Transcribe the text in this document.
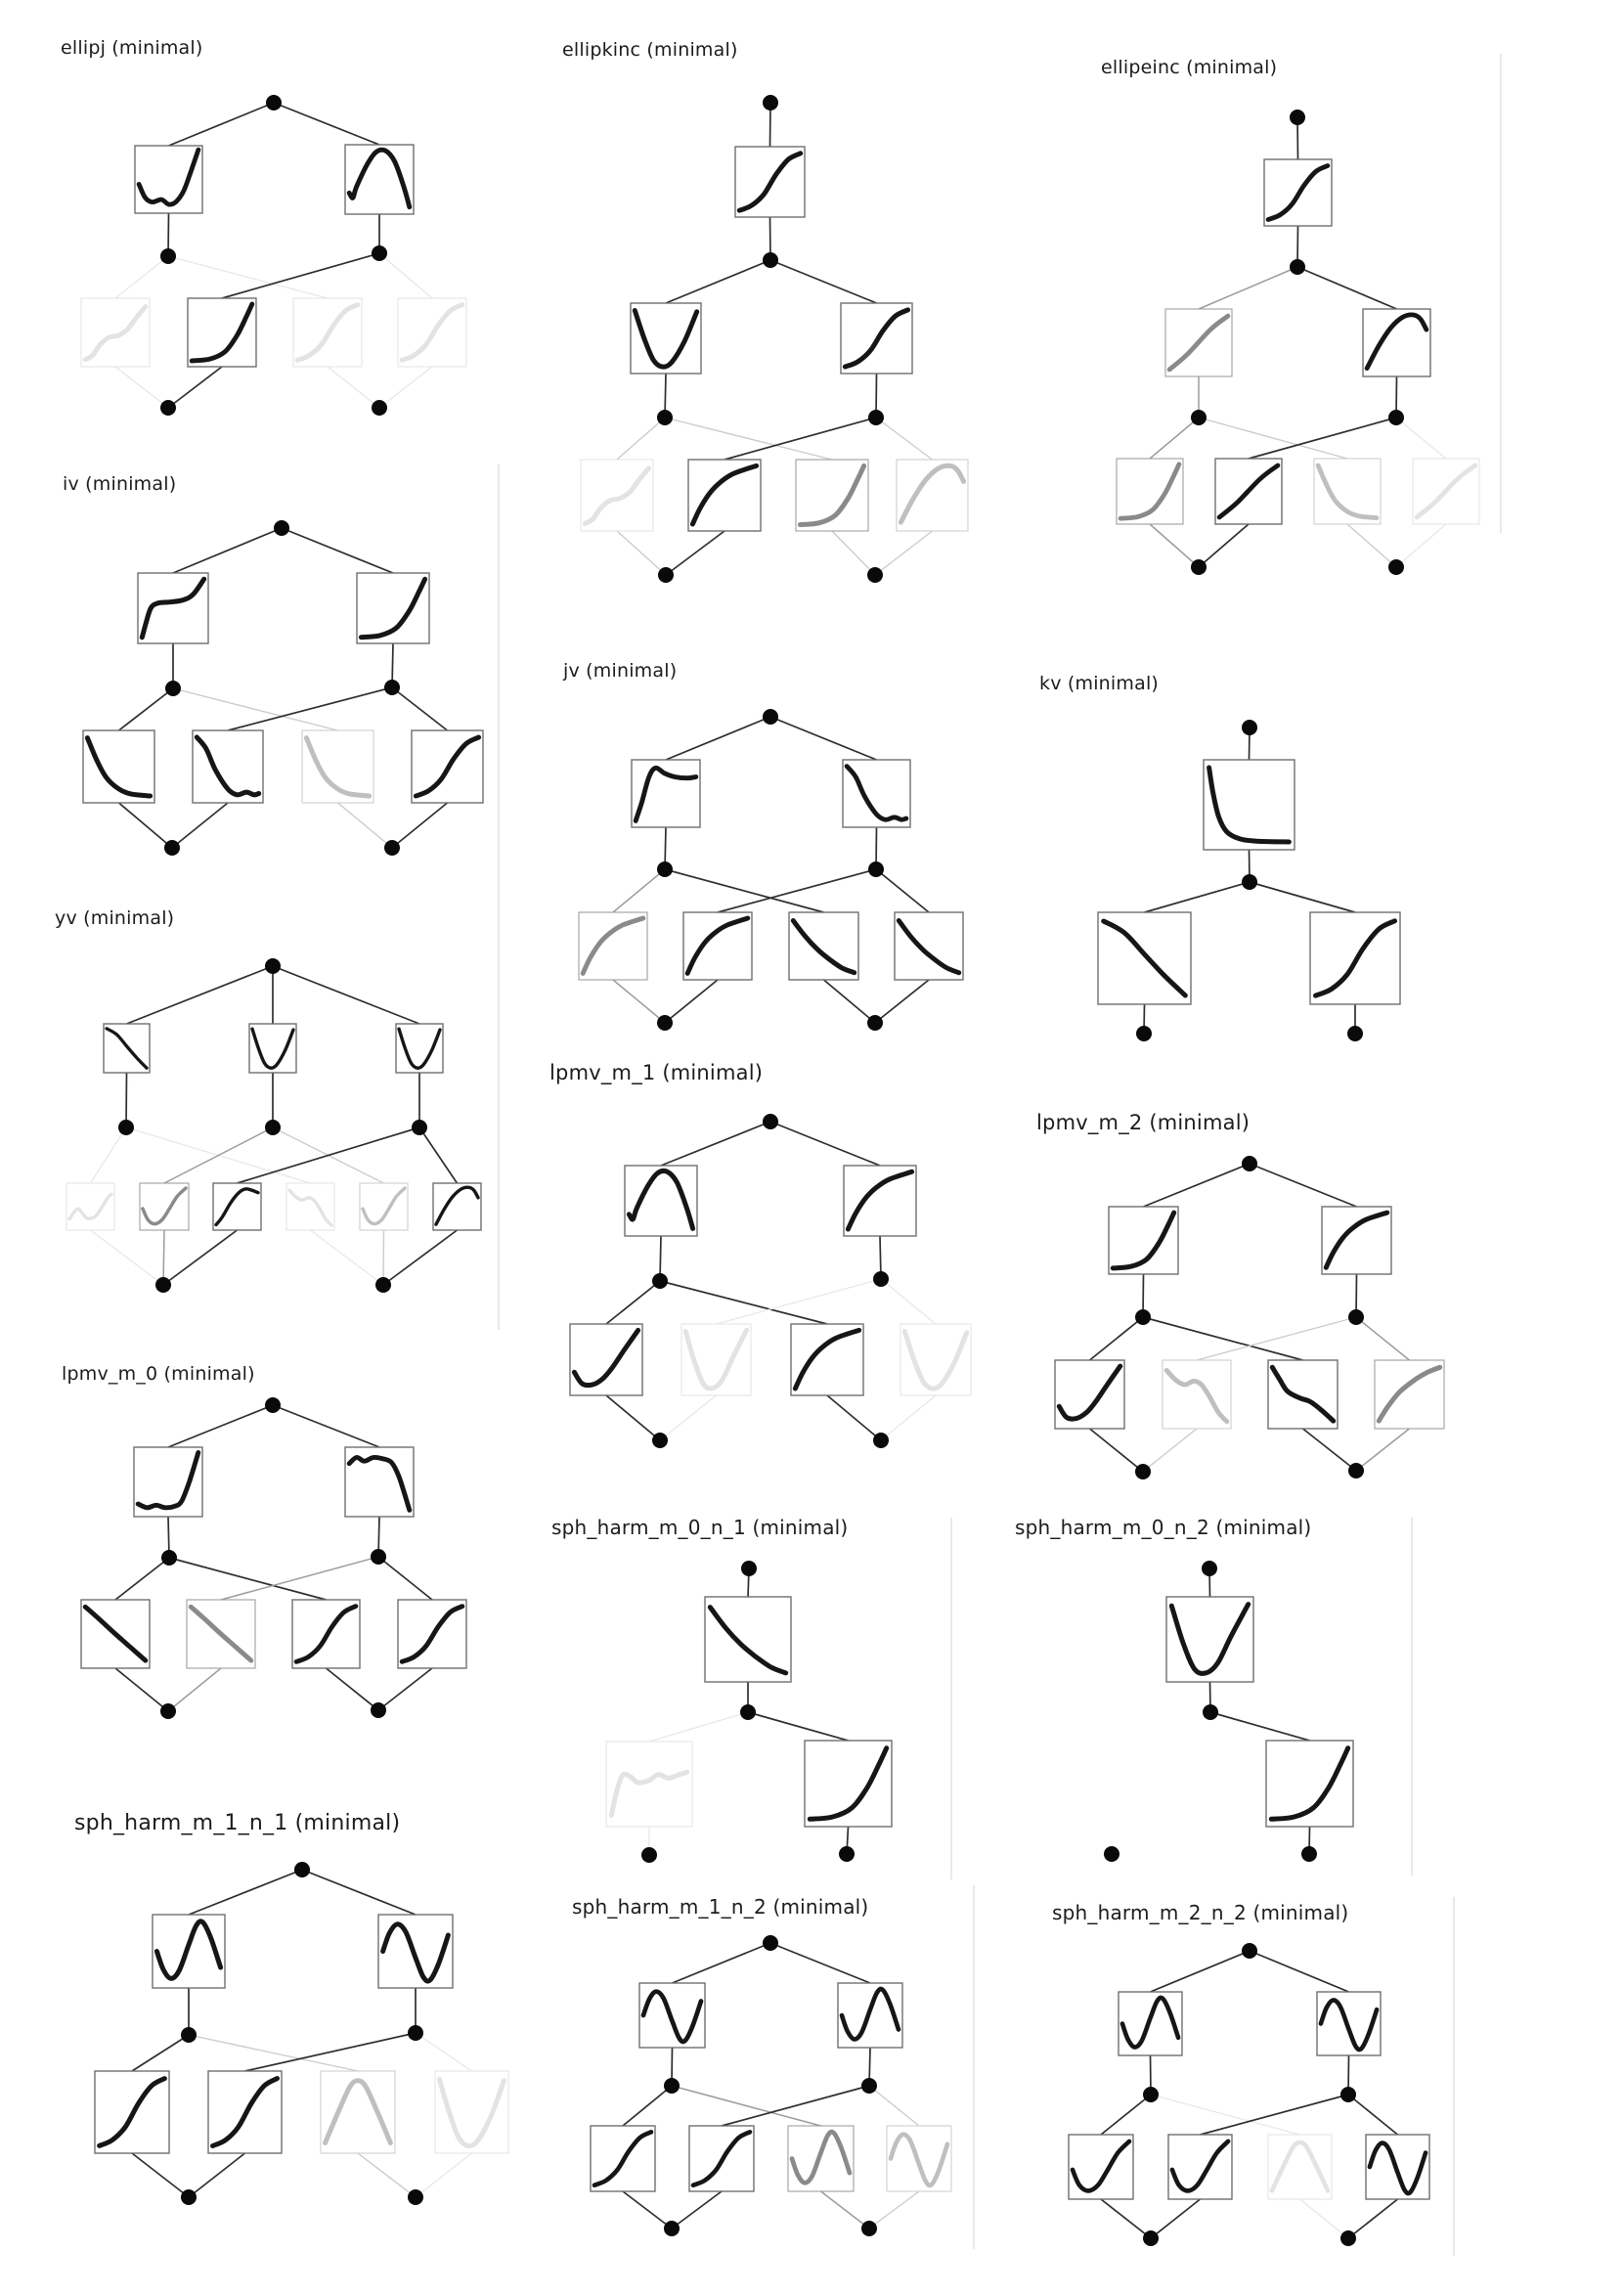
ellipj (minimal)	ellipkinc (minimal)
ellipeinc (minimal)
iv (minimal)
jv (minimal)
kv (minimal)
yv (minimal)
lpmv_m_1 (minimal)
lpmv_m_2 (minimal)
lpmv_m_0 (minimal)
sph_harm_m_0_n_1 (minimal)	sph_harm_m_0_n_2 (minimal)
sph_harm_m_1_n_1 (minimal)
sph_harm_m_1_n_2 (minimal)	sph_harm_m_2_n_2 (minimal)
